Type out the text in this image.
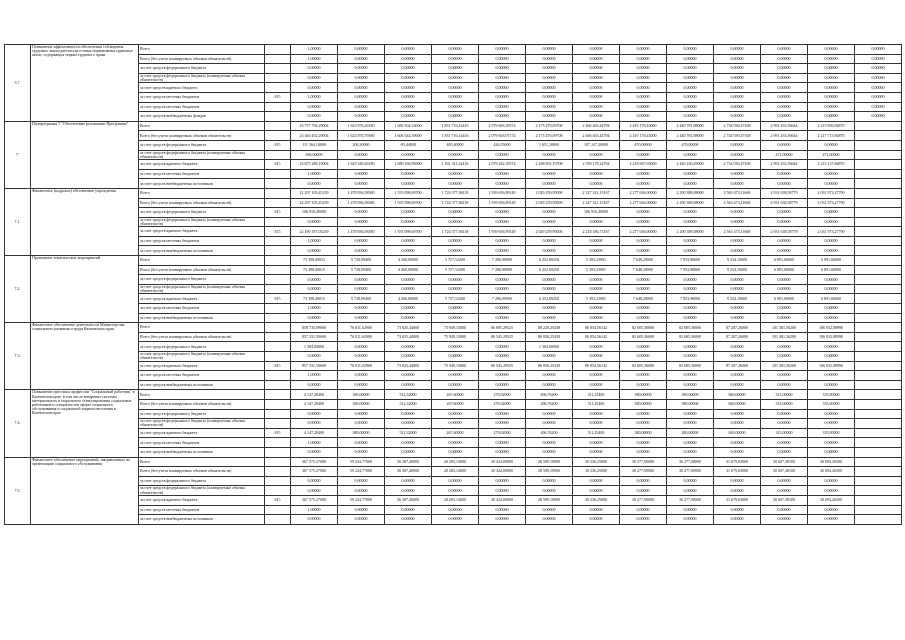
5.7.	Повышение эффективности обеспечения соблюдения трудовых законодательства и иных нормативных правовых актов, содержащих нормы трудового права	Всего		1,00000	0,00000	0,00000	0,00000	0,00000	0,00000	0,00000	0,00000	0,00000	0,00000	0,00000	0,00000	0,00000
		Всего (без учета планируемых объемов обязательств)		1,00000	0,00000	0,00000	0,00000	0,00000	0,00000	0,00000	0,00000	0,00000	0,00000	0,00000	0,00000	0,00000
		за счет средств федерального бюджета		0,00000	0,00000	0,00000	0,00000	0,00000	0,00000	0,00000	0,00000	0,00000	0,00000	0,00000	0,00000	0,00000
		за счет средств федерального бюджета (планируемые объемы обязательств)		0,00000	0,00000	0,00000	0,00000	0,00000	0,00000	0,00000	0,00000	0,00000	0,00000	0,00000	0,00000	0,00000
		за счет средств краевого бюджета		0,00000	0,00000	0,00000	0,00000	0,00000	0,00000	0,00000	0,00000	0,00000	0,00000	0,00000	0,00000	0,00000
		за счет средств местных бюджетов	815	1,00000	0,00000	0,00000	0,00000	0,00000	0,00000	0,00000	0,00000	0,00000	0,00000	0,00000	0,00000	0,00000
		за счет средств местных бюджетов		0,00000	0,00000	0,00000	0,00000	0,00000	0,00000	0,00000	0,00000	0,00000	0,00000	0,00000	0,00000	0,00000
		за счет средств внебюджетных фондов		0,00000	0,00000	0,00000	0,00000	0,00000	0,00000	0,00000	0,00000	0,00000	0,00000	0,00000	0,00000	0,00000
7.	Подпрограмма 7 "Обеспечение реализации Программы"	Всего		23 757 794,29004	1 623 876,26180	1 680 304,23000	1 831 716,14416	2 079 663,39574	2 173 479,09708	2 466 465,44794	2 419 178,43000	2 440 781,88000	2 734 939,47168	2 991 433,56644	2 215 836,84870	
		Всего (без учета планируемых объемов обязательств)		23 360 452,29004	1 623 876,79380	1 606 544,39000	1 831 716,14416	2 079 663,97174	2 173 479,09708	2 466 465,44794	2 419 178,43000	2 440 781,88000	2 734 939,47168	2 991 433,56644	2 217 713,84870	
		за счет средств федерального бюджета	815	111 364,10000	206,30000	-95,44000	405,40000	426,55000	1 651,20000	107 247,20000	470,00000	470,00000	0,00000	0,00000	0,00000	
		за счет средств федерального бюджета (планируемые объемы обязательств)		846,00000	0,00000	0,00000	0,00000	0,00000	0,00000	0,00000	0,00000	0,00000	0,00000	472,00000	472,00000	
		за счет средств краевого бюджета	815	23 675 288,19004	1 623 549,26180	1 680 166,95000	1 831 311,24416	2 079 242,39574	2 168 691,19708	2 359 178,24794	2 418 667,63000	2 440 230,29000	2 734 939,47168	2 991 433,56644	2 215 137,84870	
		за счет средств местных бюджетов		1,00000	0,00000	0,00000	0,00000	0,00000	0,00000	0,00000	0,00000	0,00000	0,00000	0,00000	0,00000	
		за счет средств внебюджетных источников		0,00000	0,00000	0,00000	0,00000	0,00000	0,00000	0,00000	0,00000	0,00000	0,00000	0,00000	0,00000	
7.1.	Финансовое (кадровое) обеспечение учреждения	Всего		22 297 105,45239	1 478 836,58380	1 555 098,69700	1 724 377,06118	1 939 656,89149	2 029 259,95000	2 327 321,13167	2 277 636,00000	2 290 389,08000	2 563 473,11668	2 931 638,58779	2 031 973,27790	
		Всего (без учета планируемых объемов обязательств)		22 297 105,45239	1 478 836,58380	1 555 098,69700	1 724 377,06118	1 939 656,89149	2 029 259,95000	2 327 321,13167	2 277 636,00000	2 290 389,08000	2 563 473,11668	2 931 638,58779	2 031 973,27790	
		за счет средств федерального бюджета	815	106 916,40000	0,00000	0,00000	0,00000	0,00000	0,00000	106 916,40000	0,00000	0,00000	0,00000	0,00000	0,00000	
		за счет средств федерального бюджета (планируемые объемы обязательств)		0,00000	0,00000	0,00000	0,00000	0,00000	0,00000	0,00000	0,00000	0,00000	0,00000	0,00000	0,00000	
		за счет средств краевого бюджета	815	22 190 187,05239	1 478 836,58380	1 555 098,69700	1 724 377,06118	1 939 656,89149	2 029 259,95000	2 218 186,73167	2 277 636,00000	2 290 389,08000	2 563 473,11668	2 931 638,58779	2 031 973,27790	
		за счет средств местных бюджетов		1,00000	0,00000	0,00000	0,00000	0,00000	0,00000	0,00000	0,00000	0,00000	0,00000	0,00000	0,00000	
		за счет средств внебюджетных источников		0,00000	0,00000	0,00000	0,00000	0,00000	0,00000	0,00000	0,00000	0,00000	0,00000	0,00000	0,00000	
7.2.	Проведение тематических мероприятий	Всего		73 398,49815	5 728,99400	4 260,00000	5 757,52200	7 286,99000	6 252,09250	5 393,23981	7 648,29000	7 953,98000	9 334,10000	6 891,60000	6 891,60000	
		Всего (без учета планируемых объемов обязательств)		73 398,49815	5 728,99400	4 260,00000	5 757,52200	7 286,99000	6 252,09250	5 393,23981	7 648,29000	7 953,98000	9 334,10000	6 891,60000	6 891,60000	
		за счет средств федерального бюджета		0,00000	0,00000	0,00000	0,00000	0,00000	0,00000	0,00000	0,00000	0,00000	0,00000	0,00000	0,00000	
		за счет средств федерального бюджета (планируемые объемы обязательств)		0,00000	0,00000	0,00000	0,00000	0,00000	0,00000	0,00000	0,00000	0,00000	0,00000	0,00000	0,00000	
		за счет средств краевого бюджета	815	73 398,49815	5 728,99400	4 260,00000	5 757,52200	7 286,99000	6 252,09250	5 393,23981	7 648,29000	7 953,98000	9 334,10000	6 891,60000	6 891,60000	
		за счет средств местных бюджетов		1,00000	0,00000	0,00000	0,00000	0,00000	0,00000	0,00000	0,00000	0,00000	0,00000	0,00000	0,00000	
		за счет средств внебюджетных источников		0,00000	0,00000	0,00000	0,00000	0,00000	0,00000	0,00000	0,00000	0,00000	0,00000	0,00000	0,00000	
7.3.	Финансовое обеспечение деятельности Министерства социального развития и труда Камчатского края	Всего		858 735,09600	76 011,62900	73 025,44000	75 949,13000	86 605,29525	88 220,25438	86 854,56142	82 605,36000	82 685,36000	87 207,26000	101 381,56200	106 932,08990	
		Всего (без учета планируемых объемов обязательств)		857 331,59600	76 011,62900	73 025,44000	75 949,13000	86 545,29525	86 836,25438	86 854,56142	82 605,36000	82 685,36000	87 207,26000	101 381,56200	106 932,08990	
		за счет средств федерального бюджета		1 384,00000	0,00000	0,00000	0,00000	0,00000	1 384,00000	0,00000	0,00000	0,00000	0,00000	0,00000	0,00000	
		за счет средств федерального бюджета (планируемые объемы обязательств)		0,00000	0,00000	0,00000	0,00000	0,00000	0,00000	0,00000	0,00000	0,00000	0,00000	0,00000	0,00000	
		за счет средств краевого бюджета	815	857 331,59600	76 011,62900	73 025,44000	75 949,13000	86 545,29525	86 836,25438	86 854,56142	82 605,36000	82 685,36000	87 207,26000	101 381,56200	106 932,08990	
		за счет средств местных бюджетов		1,00000	0,00000	0,00000	0,00000	0,00000	0,00000	0,00000	0,00000	0,00000	0,00000	0,00000	0,00000	
		за счет средств внебюджетных источников		0,00000	0,00000	0,00000	0,00000	0,00000	0,00000	0,00000	0,00000	0,00000	0,00000	0,00000	0,00000	
7.4.	Повышение престижа профессии "Социальный работник" в Камчатском крае, в том числе внедрение системы материального и морального стимулирования социальных работников и специалистов сферы социального обслуживания и социальной защиты населения в Камчатском крае	Всего		4 147,28400	380,00000	512,32000	267,60000	279,02000	496,76200	311,25400	380,00000	380,00000	840,00000	315,00000	335,00000	
		Всего (без учета планируемых объемов обязательств)		4 147,28400	380,00000	512,32000	267,60000	279,02000	496,76200	311,25400	380,00000	380,00000	840,00000	315,00000	335,00000	
		за счет средств федерального бюджета		0,00000	0,00000	0,00000	0,00000	0,00000	0,00000	0,00000	0,00000	0,00000	0,00000	0,00000	0,00000	
		за счет средств федерального бюджета (планируемые объемы обязательств)		0,00000	0,00000	0,00000	0,00000	0,00000	0,00000	0,00000	0,00000	0,00000	0,00000	0,00000	0,00000	
		за счет средств краевого бюджета	815	4 147,28400	380,00000	512,32000	267,60000	279,02000	496,76200	311,25400	380,00000	380,00000	840,00000	315,00000	335,00000	
		за счет средств местных бюджетов		1,00000	0,00000	0,00000	0,00000	0,00000	0,00000	0,00000	0,00000	0,00000	0,00000	0,00000	0,00000	
		за счет средств внебюджетных источников		0,00000	0,00000	0,00000	0,00000	0,00000	0,00000	0,00000	0,00000	0,00000	0,00000	0,00000	0,00000	
7.5.	Финансовое обеспечение мероприятий, направленных на организацию социального обслуживания	Всего		367 575,27000	59 224,77000	36 387,40000	20 283,14000	30 324,69000	28 589,19000	30 236,25000	30 277,00000	30 277,00000	31 679,03000	30 607,38100	30 094,26500	
		Всего (без учета планируемых объемов обязательств)		367 575,27000	59 224,77000	36 387,40000	20 283,14000	30 324,69000	28 589,19000	30 236,25000	30 277,00000	30 277,00000	31 679,03000	30 607,38100	30 094,26500	
		за счет средств федерального бюджета		0,00000	0,00000	0,00000	0,00000	0,00000	0,00000	0,00000	0,00000	0,00000	0,00000	0,00000	0,00000	
		за счет средств федерального бюджета (планируемые объемы обязательств)		0,00000	0,00000	0,00000	0,00000	0,00000	0,00000	0,00000	0,00000	0,00000	0,00000	0,00000	0,00000	
		за счет средств краевого бюджета	815	367 575,27000	59 224,77000	36 387,40000	20 283,14000	30 324,69000	28 589,19000	30 236,25000	30 277,00000	30 277,00000	31 679,03000	30 607,38100	30 094,26500	
		за счет средств местных бюджетов		1,00000	0,00000	0,00000	0,00000	0,00000	0,00000	0,00000	0,00000	0,00000	0,00000	0,00000	0,00000	
		за счет средств внебюджетных источников		0,00000	0,00000	0,00000	0,00000	0,00000	0,00000	0,00000	0,00000	0,00000	0,00000	0,00000	0,00000	
